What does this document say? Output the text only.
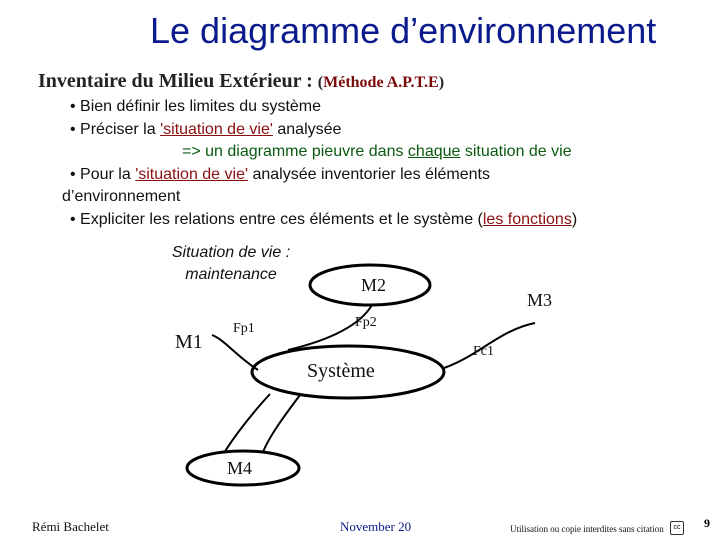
Le diagramme d’environnement
Inventaire du Milieu Extérieur : (Méthode A.P.T.E)
• Bien définir les limites du système
• Préciser la 'situation de vie' analysée
=> un diagramme pieuvre dans chaque situation de vie
• Pour la 'situation de vie' analysée inventorier les éléments
d’environnement
• Expliciter les relations entre ces éléments et le système (les fonctions)
Situation de vie :
maintenance
M1
M2
M3
M4
Système
Fp1	Fp2
Fc1
Rémi Bachelet	November 20	Utilisation ou copie interdites sans citation	cc 9
